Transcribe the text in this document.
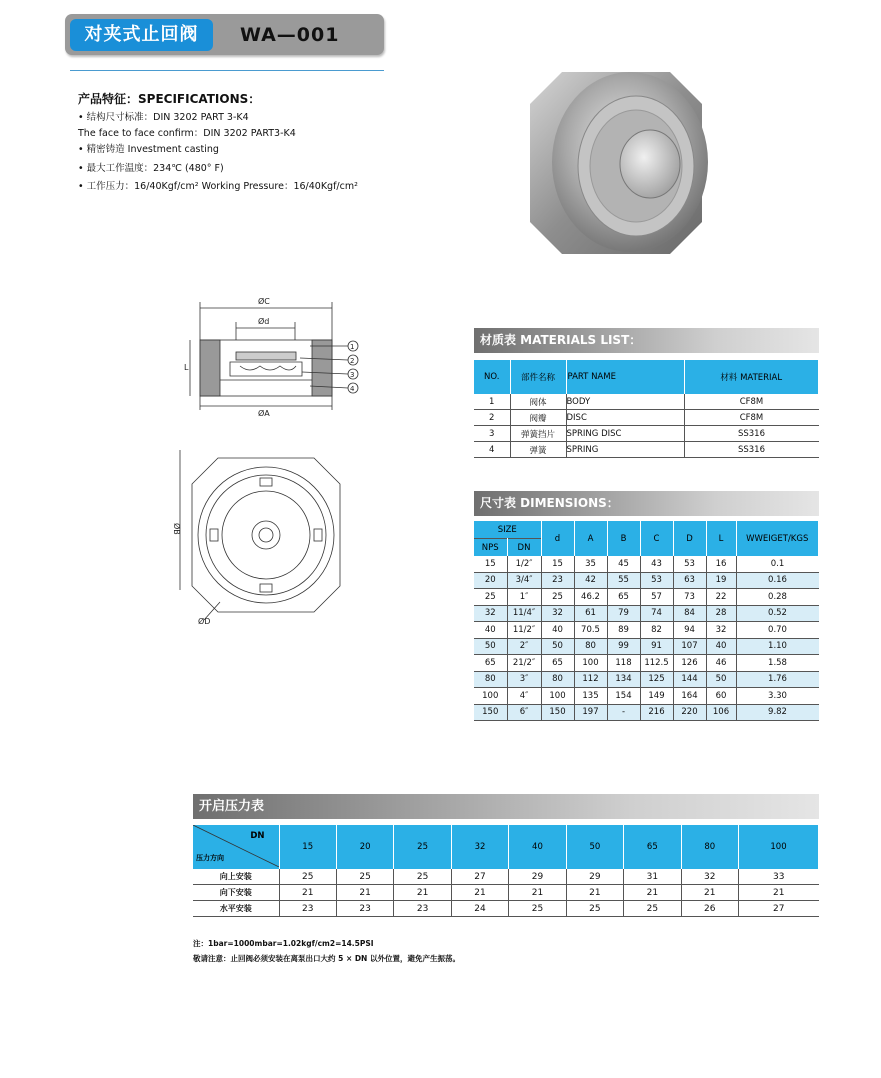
对夹式止回阀	WA—001
产品特征：SPECIFICATIONS：
• 结构尺寸标准：DIN 3202 PART 3-K4
The face to face confirm：DIN 3202 PART3-K4
• 精密铸造 Investment casting
• 最大工作温度：234℃ (480° F)
• 工作压力：16/40Kgf/cm² Working Pressure：16/40Kgf/cm²
ØC
Ød
ØA
L
ØB
ØD
1
2
3
4
材质表 MATERIALS LIST：
NO.	部件名称	PART NAME	材料 MATERIAL
1	阀体	BODY	CF8M
2	阀瓣	DISC	CF8M
3	弹簧挡片	SPRING DISC	SS316
4	弹簧	SPRING	SS316
尺寸表 DIMENSIONS：
SIZE		d	A	B	C	D	L	WWEIGET/KGS
NPS	DN							
15	1/2″	15	35	45	43	53	16	0.1
20	3/4″	23	42	55	53	63	19	0.16
25	1″	25	46.2	65	57	73	22	0.28
32	11/4″	32	61	79	74	84	28	0.52
40	11/2″	40	70.5	89	82	94	32	0.70
50	2″	50	80	99	91	107	40	1.10
65	21/2″	65	100	118	112.5	126	46	1.58
80	3″	80	112	134	125	144	50	1.76
100	4″	100	135	154	149	164	60	3.30
150	6″	150	197	-	216	220	106	9.82
开启压力表
DN
压力方向	15	20	25	32	40	50	65	80	100
向上安装	25	25	25	27	29	29	31	32	33
向下安装	21	21	21	21	21	21	21	21	21
水平安装	23	23	23	24	25	25	25	26	27
注：1bar=1000mbar=1.02kgf/cm2=14.5PSI
敬请注意：止回阀必须安装在离泵出口大约 5 × DN 以外位置，避免产生振荡。
